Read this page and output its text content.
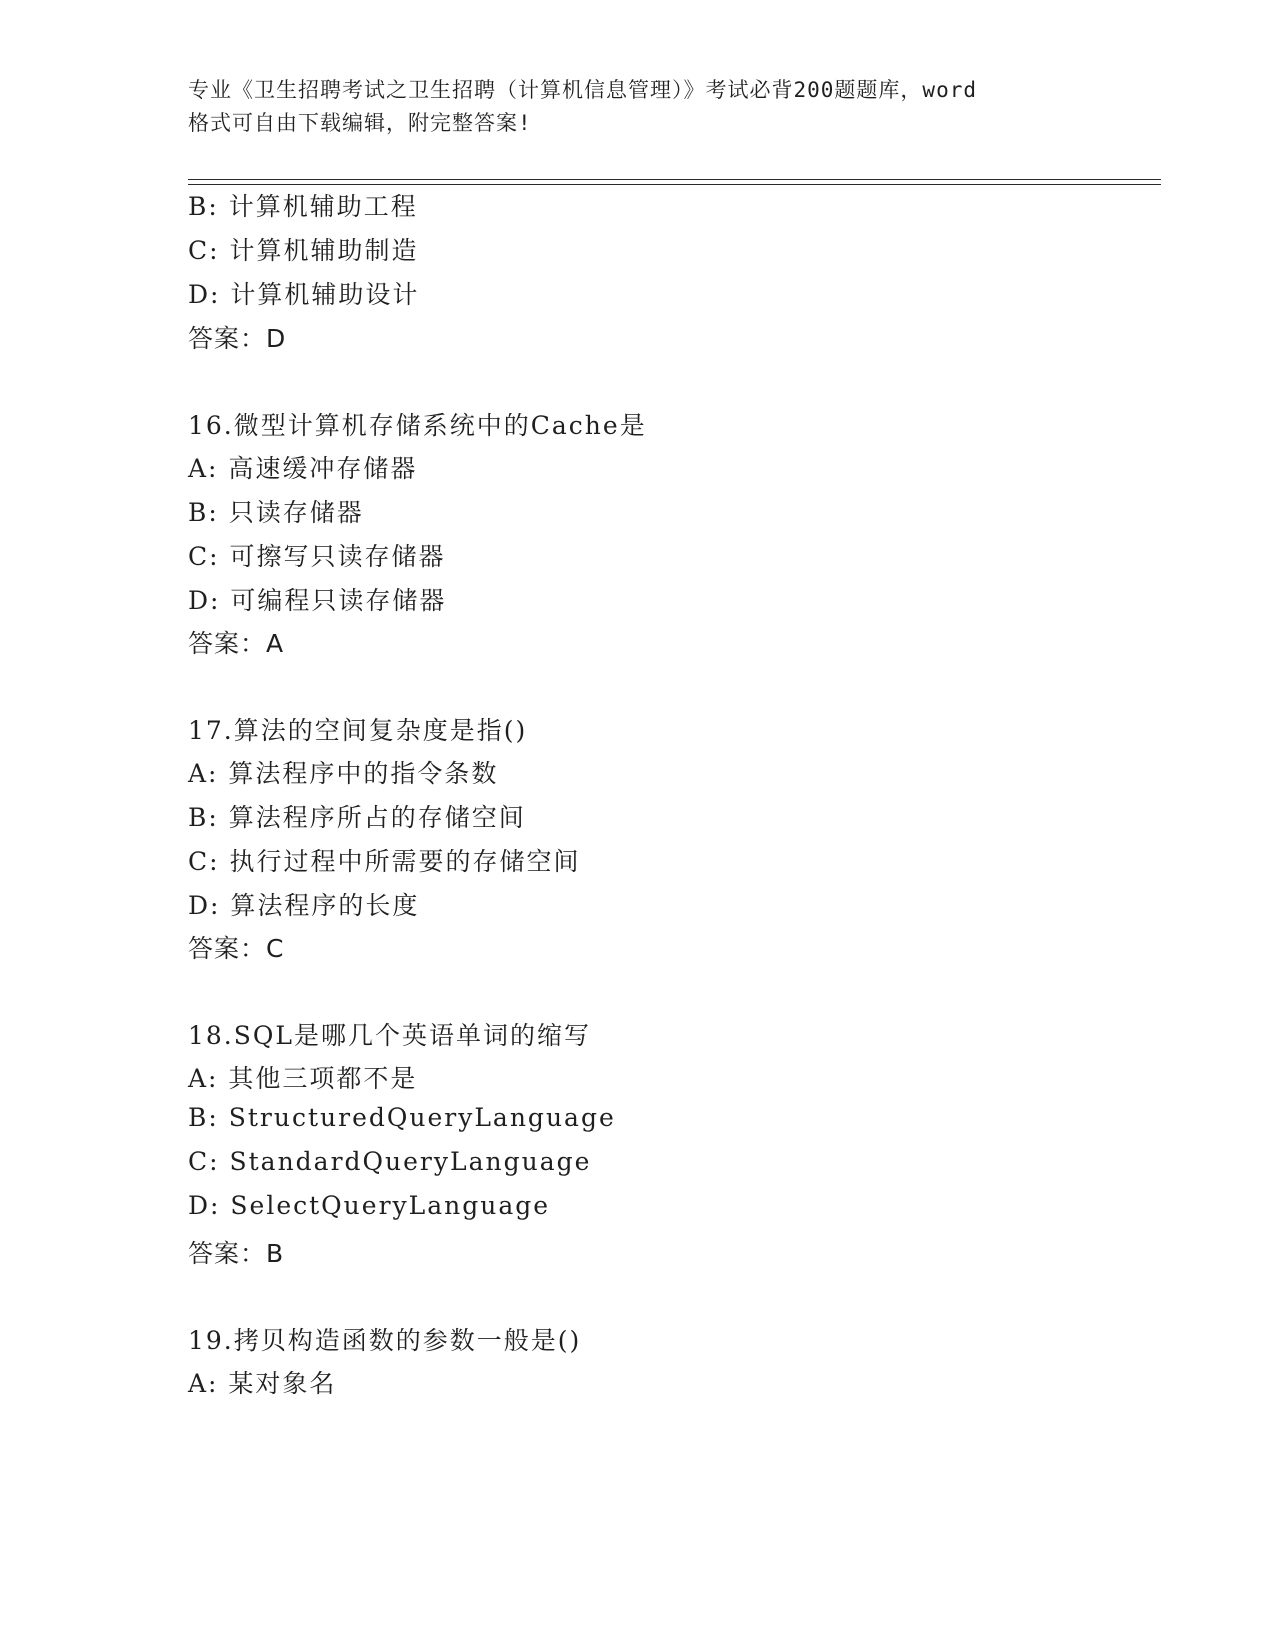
专业《卫生招聘考试之卫生招聘（计算机信息管理）》考试必背200题题库，word
格式可自由下载编辑，附完整答案!
B: 计算机辅助工程
C: 计算机辅助制造
D: 计算机辅助设计
答案：D
16.微型计算机存储系统中的Cache是
A: 高速缓冲存储器
B: 只读存储器
C: 可擦写只读存储器
D: 可编程只读存储器
答案：A
17.算法的空间复杂度是指()
A: 算法程序中的指令条数
B: 算法程序所占的存储空间
C: 执行过程中所需要的存储空间
D: 算法程序的长度
答案：C
18.SQL是哪几个英语单词的缩写
A: 其他三项都不是
B: StructuredQueryLanguage
C: StandardQueryLanguage
D: SelectQueryLanguage
答案：B
19.拷贝构造函数的参数一般是()
A: 某对象名
